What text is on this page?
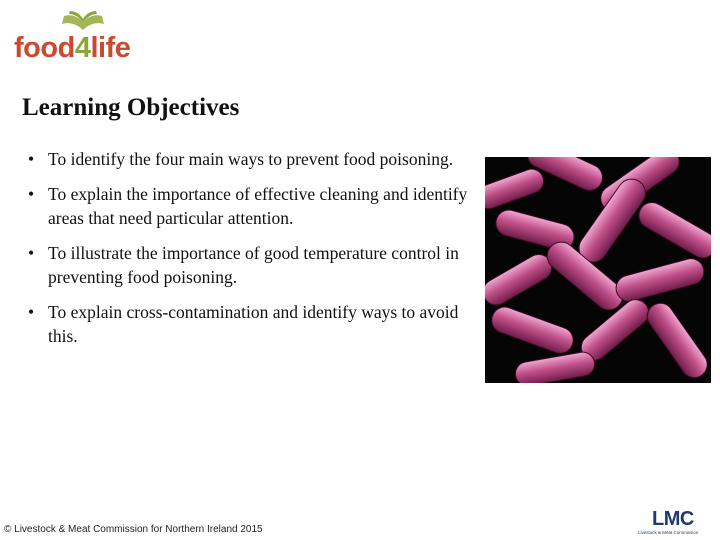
food4life
Learning Objectives
• To identify the four main ways to prevent food poisoning.
• To explain the importance of effective cleaning and identify areas that need particular attention.
• To illustrate the importance of good temperature control in preventing food poisoning.
• To explain cross-contamination and identify ways to avoid this.
© Livestock & Meat Commission for Northern Ireland 2015	LMC
Livestock & Meat Commission
